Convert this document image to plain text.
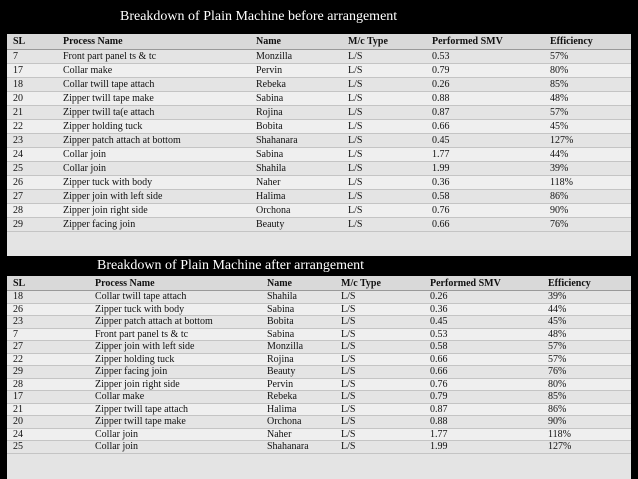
Breakdown of Plain Machine before arrangement
SL	Process Name	Name	M/c Type	Performed SMV	Efficiency
7	Front part panel ts & tc	Monzilla	L/S	0.53	57%
17	Collar make	Pervin	L/S	0.79	80%
18	Collar twill tape attach	Rebeka	L/S	0.26	85%
20	Zipper twill tape make	Sabina	L/S	0.88	48%
21	Zipper twill ta(e attach	Rojina	L/S	0.87	57%
22	Zipper holding tuck	Bobita	L/S	0.66	45%
23	Zipper patch attach at bottom	Shahanara	L/S	0.45	127%
24	Collar join	Sabina	L/S	1.77	44%
25	Collar join	Shahila	L/S	1.99	39%
26	Zipper tuck with body	Naher	L/S	0.36	118%
27	Zipper join with left side	Halima	L/S	0.58	86%
28	Zipper join right side	Orchona	L/S	0.76	90%
29	Zipper facing join	Beauty	L/S	0.66	76%
Breakdown of Plain Machine after arrangement
SL	Process Name	Name	M/c Type	Performed SMV	Efficiency
18	Collar twill tape attach	Shahila	L/S	0.26	39%
26	Zipper tuck with body	Sabina	L/S	0.36	44%
23	Zipper patch attach at bottom	Bobita	L/S	0.45	45%
7	Front part panel ts & tc	Sabina	L/S	0.53	48%
27	Zipper join with left side	Monzilla	L/S	0.58	57%
22	Zipper holding tuck	Rojina	L/S	0.66	57%
29	Zipper facing join	Beauty	L/S	0.66	76%
28	Zipper join right side	Pervin	L/S	0.76	80%
17	Collar make	Rebeka	L/S	0.79	85%
21	Zipper twill tape attach	Halima	L/S	0.87	86%
20	Zipper twill tape make	Orchona	L/S	0.88	90%
24	Collar join	Naher	L/S	1.77	118%
25	Collar join	Shahanara	L/S	1.99	127%
